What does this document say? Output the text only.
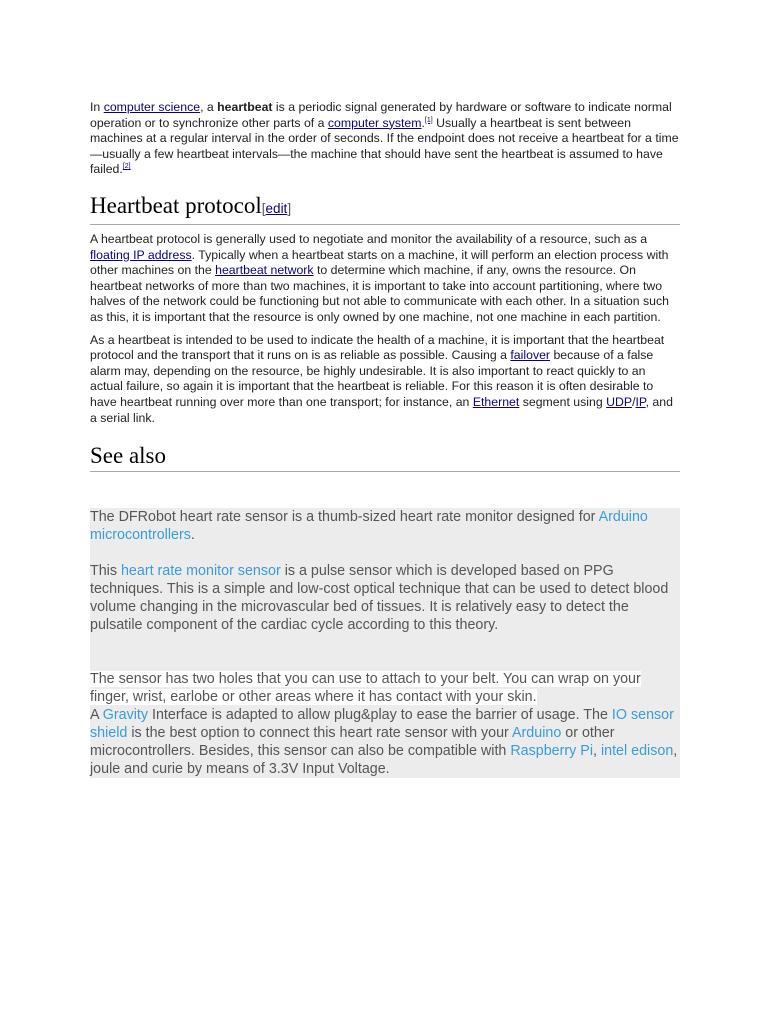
In computer science, a heartbeat is a periodic signal generated by hardware or software to indicate normal operation or to synchronize other parts of a computer system.[1] Usually a heartbeat is sent between machines at a regular interval in the order of seconds. If the endpoint does not receive a heartbeat for a time—usually a few heartbeat intervals—the machine that should have sent the heartbeat is assumed to have failed.[2]

Heartbeat protocol[edit]

A heartbeat protocol is generally used to negotiate and monitor the availability of a resource, such as a floating IP address. Typically when a heartbeat starts on a machine, it will perform an election process with other machines on the heartbeat network to determine which machine, if any, owns the resource. On heartbeat networks of more than two machines, it is important to take into account partitioning, where two halves of the network could be functioning but not able to communicate with each other. In a situation such as this, it is important that the resource is only owned by one machine, not one machine in each partition.

As a heartbeat is intended to be used to indicate the health of a machine, it is important that the heartbeat protocol and the transport that it runs on is as reliable as possible. Causing a failover because of a false alarm may, depending on the resource, be highly undesirable. It is also important to react quickly to an actual failure, so again it is important that the heartbeat is reliable. For this reason it is often desirable to have heartbeat running over more than one transport; for instance, an Ethernet segment using UDP/IP, and a serial link.

See also

The DFRobot heart rate sensor is a thumb-sized heart rate monitor designed for Arduino microcontrollers.

This heart rate monitor sensor is a pulse sensor which is developed based on PPG techniques. This is a simple and low-cost optical technique that can be used to detect blood volume changing in the microvascular bed of tissues. It is relatively easy to detect the pulsatile component of the cardiac cycle according to this theory.

The sensor has two holes that you can use to attach to your belt. You can wrap on your finger, wrist, earlobe or other areas where it has contact with your skin.

A Gravity Interface is adapted to allow plug&play to ease the barrier of usage. The IO sensor shield is the best option to connect this heart rate sensor with your Arduino or other microcontrollers. Besides, this sensor can also be compatible with Raspberry Pi, intel edison, joule and curie by means of 3.3V Input Voltage.
